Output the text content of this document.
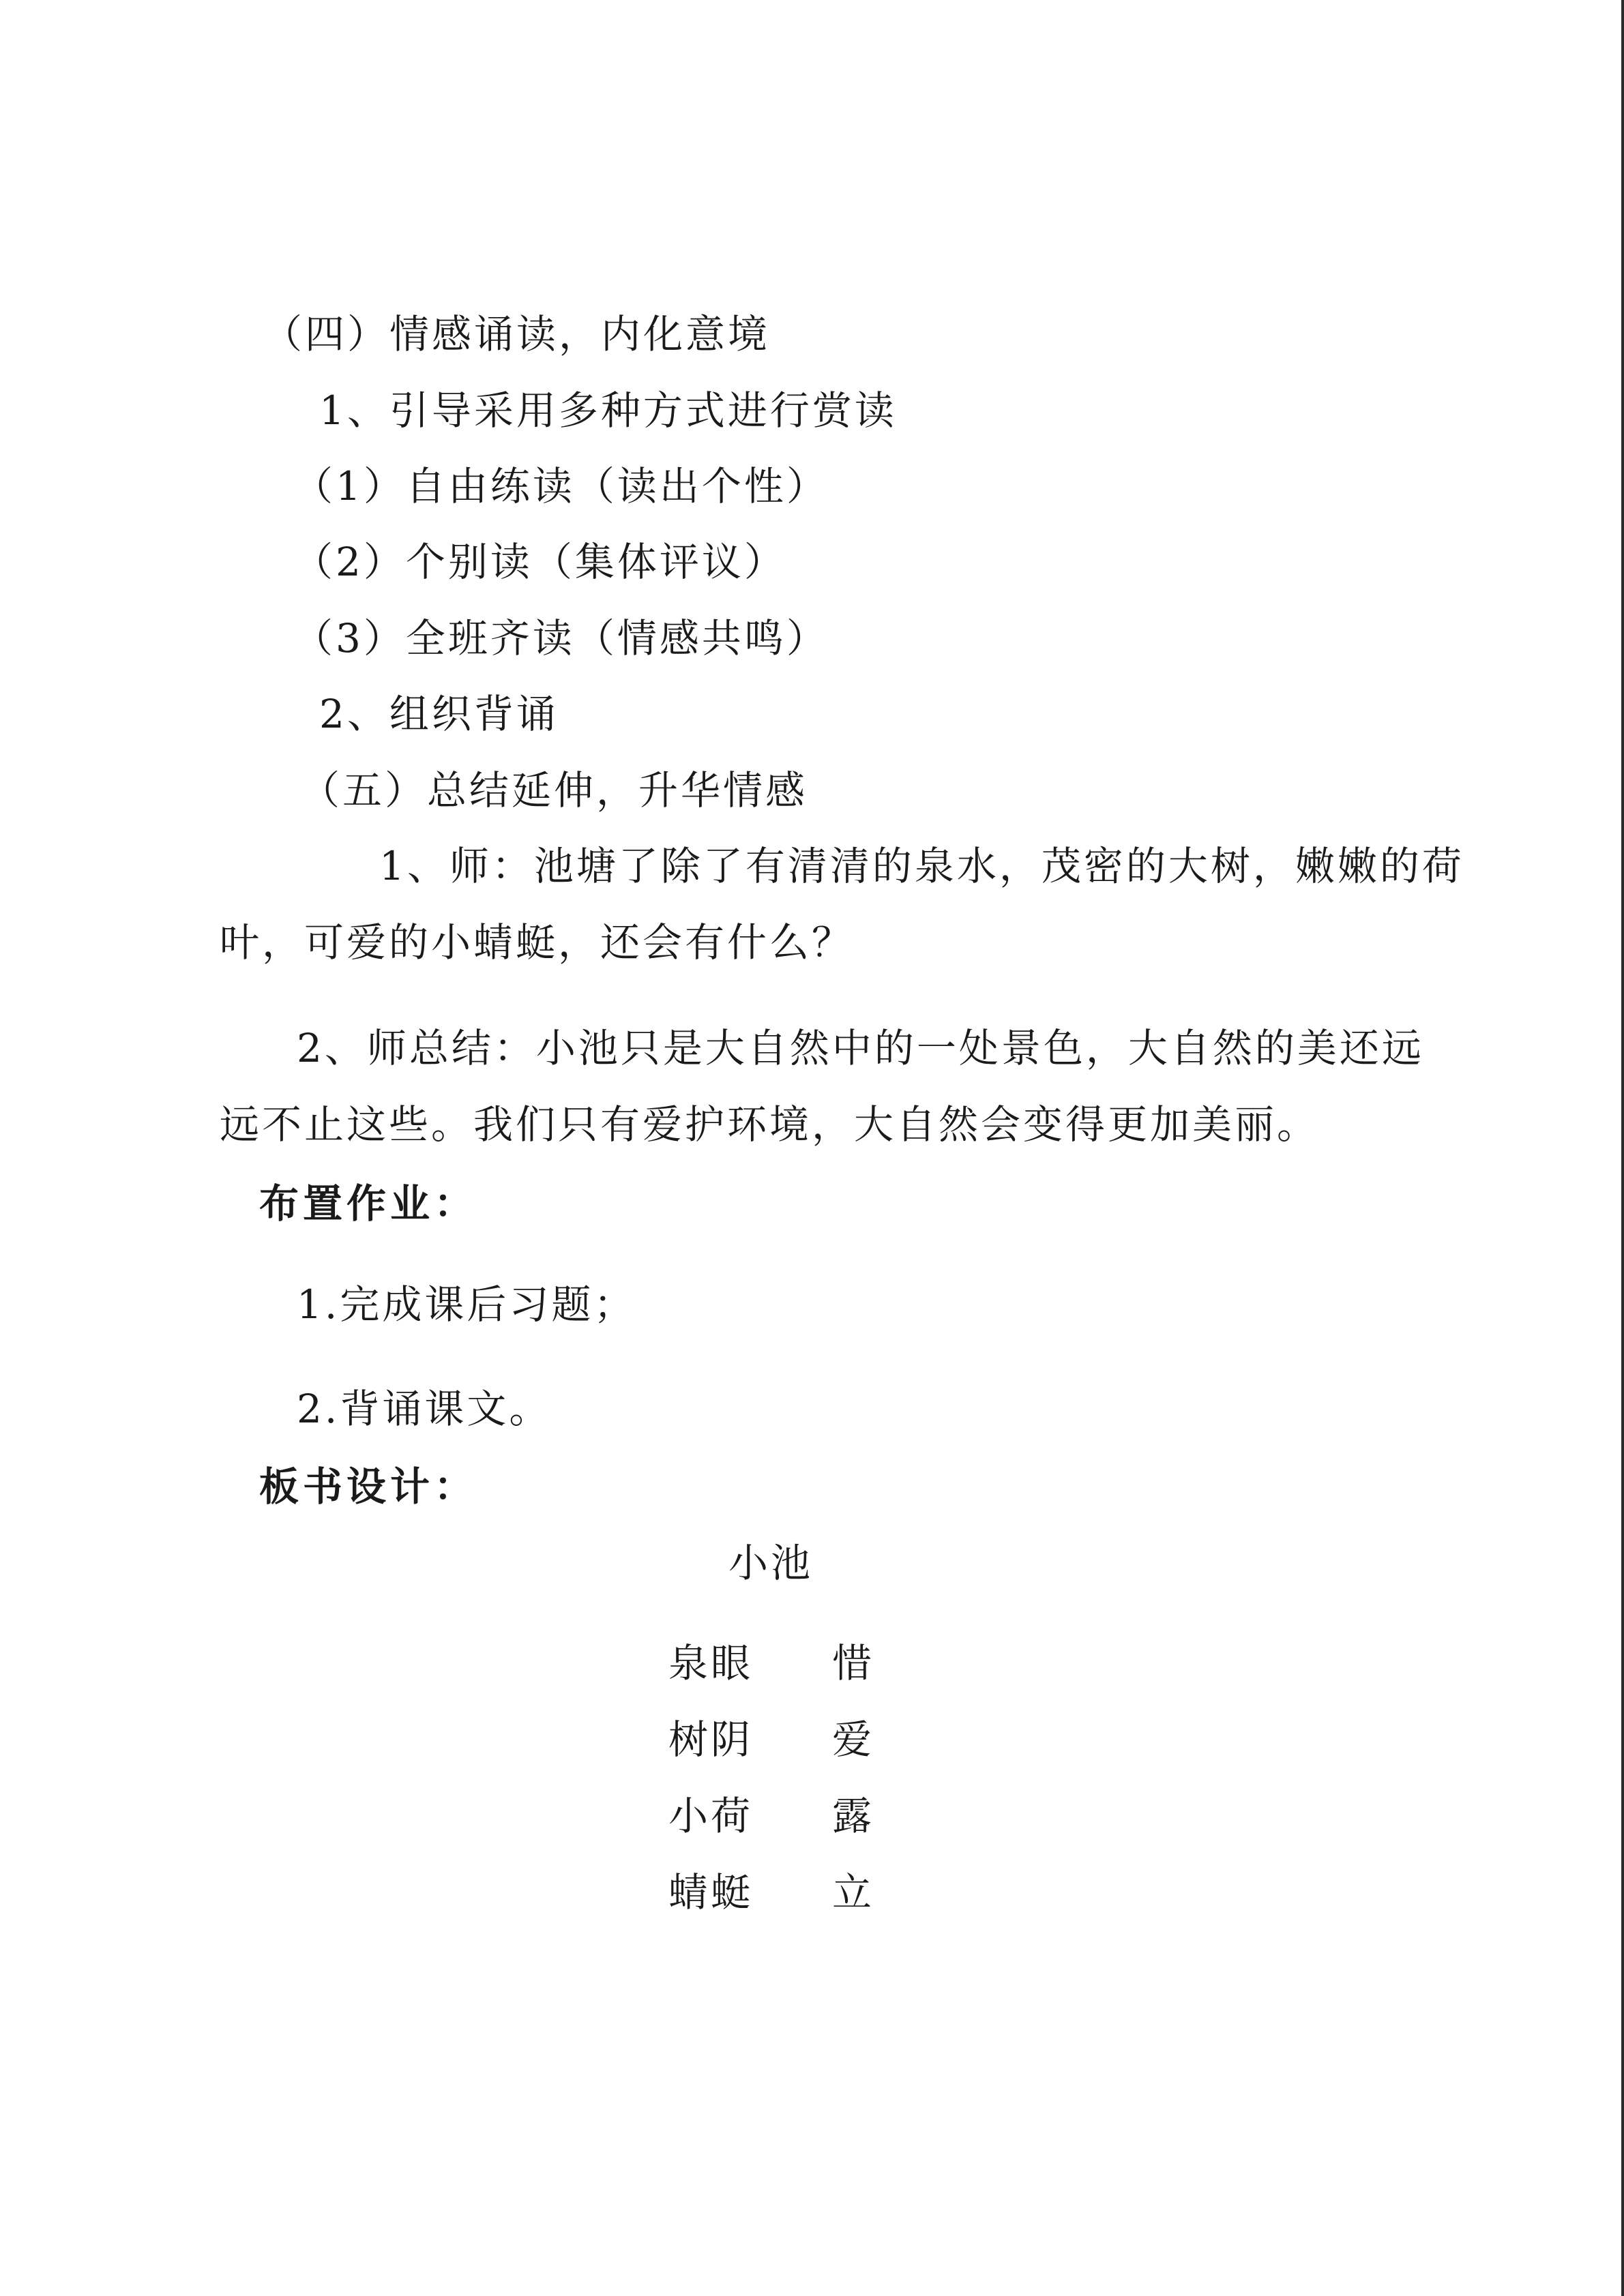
（四）情感诵读，内化意境
1、引导采用多种方式进行赏读
（1）自由练读（读出个性）
（2）个别读（集体评议）
（3）全班齐读（情感共鸣）
2、组织背诵
（五）总结延伸，升华情感
1、师：池塘了除了有清清的泉水，茂密的大树，嫩嫩的荷
叶，可爱的小蜻蜓，还会有什么？
2、师总结：小池只是大自然中的一处景色，大自然的美还远
远不止这些。我们只有爱护环境，大自然会变得更加美丽。
布置作业：
1.完成课后习题；
2.背诵课文。
板书设计：
小池
泉眼 惜
树阴 爱
小荷 露
蜻蜓 立
